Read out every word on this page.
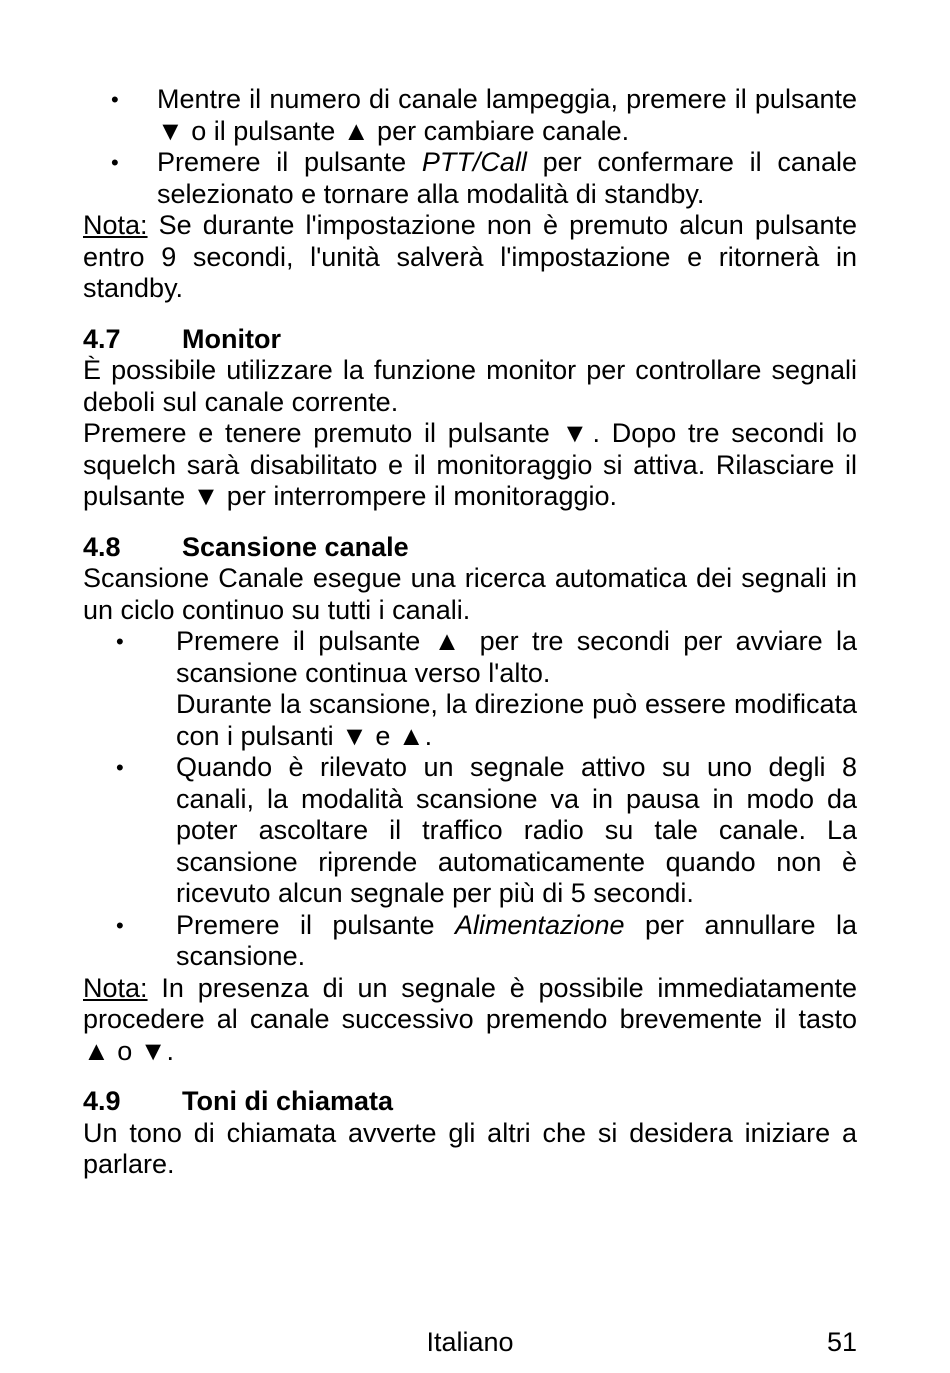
• Mentre il numero di canale lampeggia, premere il pulsante ▼ o il pulsante ▲ per cambiare canale.
• Premere il pulsante PTT/Call per confermare il canale selezionato e tornare alla modalità di standby.

Nota: Se durante l'impostazione non è premuto alcun pulsante entro 9 secondi, l'unità salverà l'impostazione e ritornerà in standby.

4.7 Monitor

È possibile utilizzare la funzione monitor per controllare segnali deboli sul canale corrente.

Premere e tenere premuto il pulsante ▼. Dopo tre secondi lo squelch sarà disabilitato e il monitoraggio si attiva. Rilasciare il pulsante ▼ per interrompere il monitoraggio.

4.8 Scansione canale

Scansione Canale esegue una ricerca automatica dei segnali in un ciclo continuo su tutti i canali.

• Premere il pulsante ▲ per tre secondi per avviare la scansione continua verso l'alto.
Durante la scansione, la direzione può essere modificata con i pulsanti ▼ e ▲.
• Quando è rilevato un segnale attivo su uno degli 8 canali, la modalità scansione va in pausa in modo da poter ascoltare il traffico radio su tale canale. La scansione riprende automaticamente quando non è ricevuto alcun segnale per più di 5 secondi.
• Premere il pulsante Alimentazione per annullare la scansione.

Nota: In presenza di un segnale è possibile immediatamente procedere al canale successivo premendo brevemente il tasto ▲ o ▼.

4.9 Toni di chiamata

Un tono di chiamata avverte gli altri che si desidera iniziare a parlare.

Italiano	51
